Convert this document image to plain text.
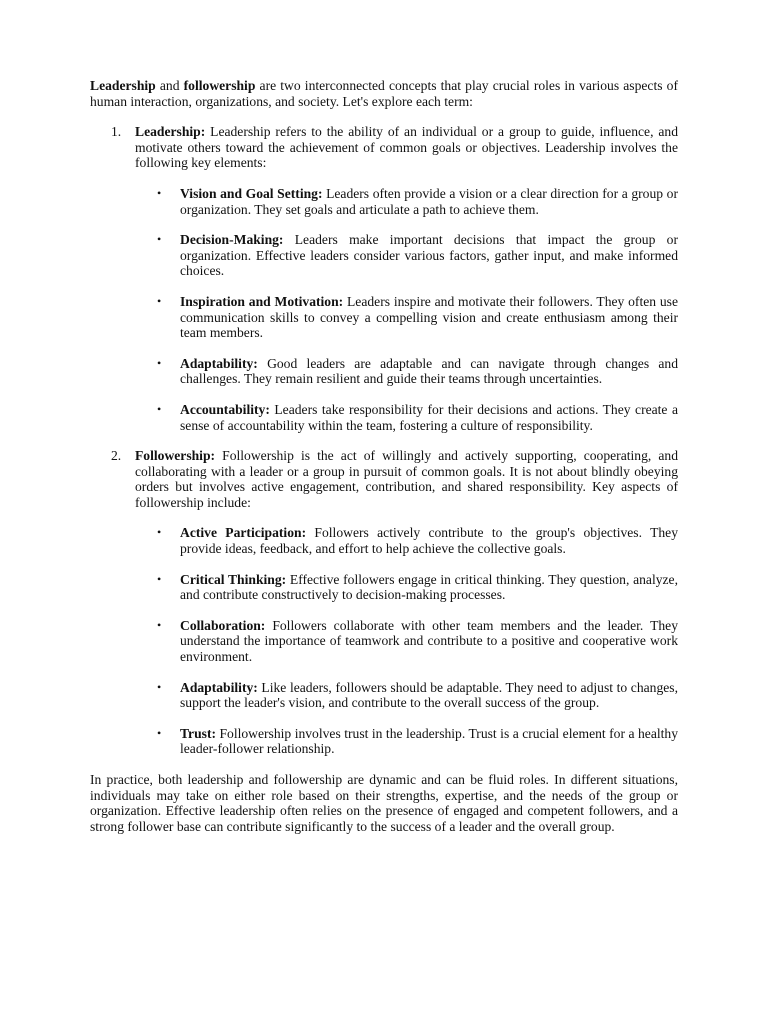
Leadership and followership are two interconnected concepts that play crucial roles in various aspects of human interaction, organizations, and society. Let's explore each term:

1. Leadership: Leadership refers to the ability of an individual or a group to guide, influence, and motivate others toward the achievement of common goals or objectives. Leadership involves the following key elements:

• Vision and Goal Setting: Leaders often provide a vision or a clear direction for a group or organization. They set goals and articulate a path to achieve them.
• Decision-Making: Leaders make important decisions that impact the group or organization. Effective leaders consider various factors, gather input, and make informed choices.
• Inspiration and Motivation: Leaders inspire and motivate their followers. They often use communication skills to convey a compelling vision and create enthusiasm among their team members.
• Adaptability: Good leaders are adaptable and can navigate through changes and challenges. They remain resilient and guide their teams through uncertainties.
• Accountability: Leaders take responsibility for their decisions and actions. They create a sense of accountability within the team, fostering a culture of responsibility.
2. Followership: Followership is the act of willingly and actively supporting, cooperating, and collaborating with a leader or a group in pursuit of common goals. It is not about blindly obeying orders but involves active engagement, contribution, and shared responsibility. Key aspects of followership include:

• Active Participation: Followers actively contribute to the group's objectives. They provide ideas, feedback, and effort to help achieve the collective goals.
• Critical Thinking: Effective followers engage in critical thinking. They question, analyze, and contribute constructively to decision-making processes.
• Collaboration: Followers collaborate with other team members and the leader. They understand the importance of teamwork and contribute to a positive and cooperative work environment.
• Adaptability: Like leaders, followers should be adaptable. They need to adjust to changes, support the leader's vision, and contribute to the overall success of the group.
• Trust: Followership involves trust in the leadership. Trust is a crucial element for a healthy leader-follower relationship.

In practice, both leadership and followership are dynamic and can be fluid roles. In different situations, individuals may take on either role based on their strengths, expertise, and the needs of the group or organization. Effective leadership often relies on the presence of engaged and competent followers, and a strong follower base can contribute significantly to the success of a leader and the overall group.
